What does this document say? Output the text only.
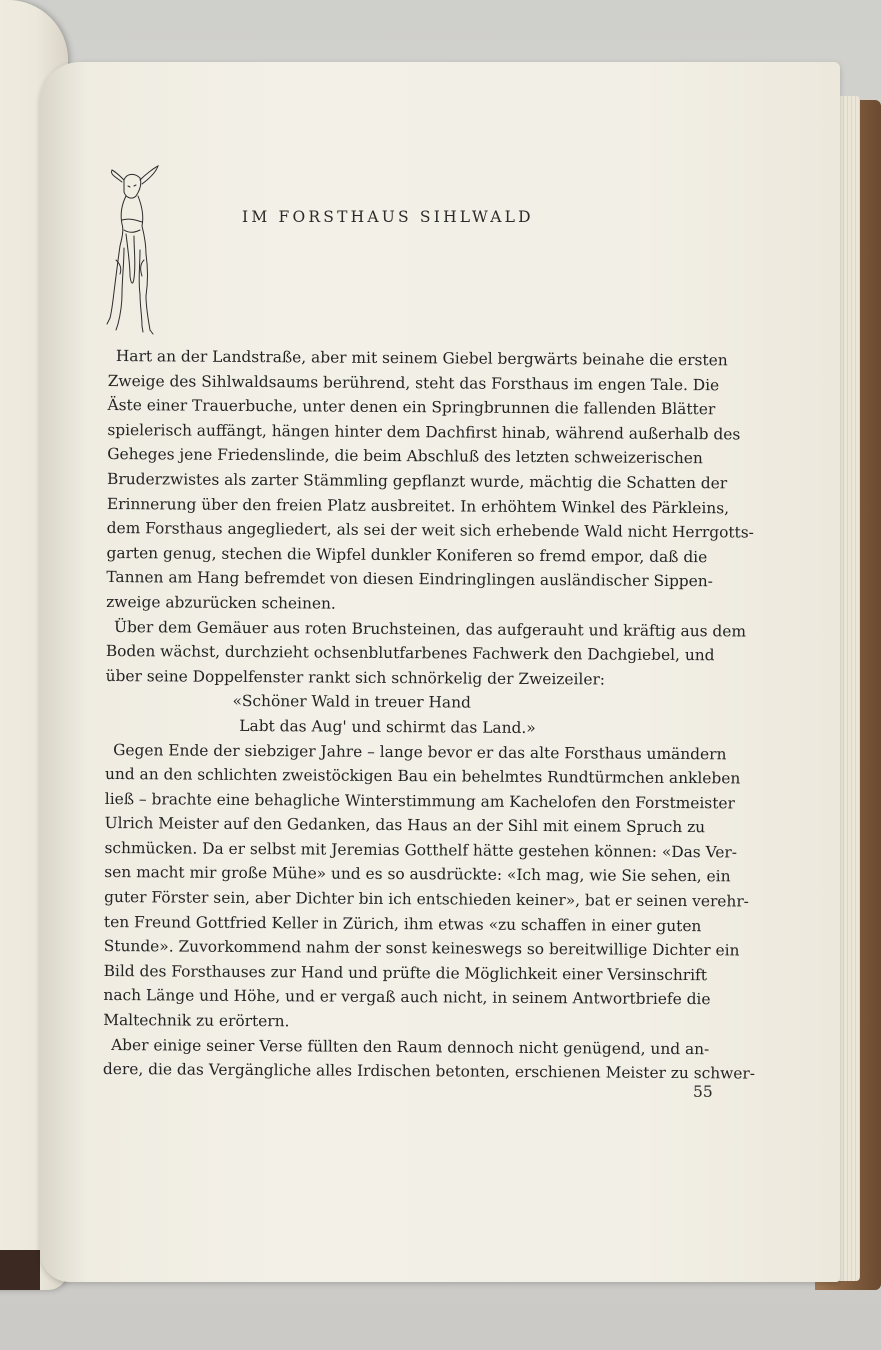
IM FORSTHAUS SIHLWALD

Hart an der Landstraße, aber mit seinem Giebel bergwärts beinahe die ersten
Zweige des Sihlwaldsaums berührend, steht das Forsthaus im engen Tale. Die
Äste einer Trauerbuche, unter denen ein Springbrunnen die fallenden Blätter
spielerisch auffängt, hängen hinter dem Dachfirst hinab, während außerhalb des
Geheges jene Friedenslinde, die beim Abschluß des letzten schweizerischen
Bruderzwistes als zarter Stämmling gepflanzt wurde, mächtig die Schatten der
Erinnerung über den freien Platz ausbreitet. In erhöhtem Winkel des Pärkleins,
dem Forsthaus angegliedert, als sei der weit sich erhebende Wald nicht Herrgotts-
garten genug, stechen die Wipfel dunkler Koniferen so fremd empor, daß die
Tannen am Hang befremdet von diesen Eindringlingen ausländischer Sippen-
zweige abzurücken scheinen.

Über dem Gemäuer aus roten Bruchsteinen, das aufgerauht und kräftig aus dem
Boden wächst, durchzieht ochsenblutfarbenes Fachwerk den Dachgiebel, und
über seine Doppelfenster rankt sich schnörkelig der Zweizeiler:

«Schöner Wald in treuer Hand

Labt das Aug' und schirmt das Land.»

Gegen Ende der siebziger Jahre – lange bevor er das alte Forsthaus umändern
und an den schlichten zweistöckigen Bau ein behelmtes Rundtürmchen ankleben
ließ – brachte eine behagliche Winterstimmung am Kachelofen den Forstmeister
Ulrich Meister auf den Gedanken, das Haus an der Sihl mit einem Spruch zu
schmücken. Da er selbst mit Jeremias Gotthelf hätte gestehen können: «Das Ver-
sen macht mir große Mühe» und es so ausdrückte: «Ich mag, wie Sie sehen, ein
guter Förster sein, aber Dichter bin ich entschieden keiner», bat er seinen verehr-
ten Freund Gottfried Keller in Zürich, ihm etwas «zu schaffen in einer guten
Stunde». Zuvorkommend nahm der sonst keineswegs so bereitwillige Dichter ein
Bild des Forsthauses zur Hand und prüfte die Möglichkeit einer Versinschrift
nach Länge und Höhe, und er vergaß auch nicht, in seinem Antwortbriefe die
Maltechnik zu erörtern.

Aber einige seiner Verse füllten den Raum dennoch nicht genügend, und an-
dere, die das Vergängliche alles Irdischen betonten, erschienen Meister zu schwer-

55
